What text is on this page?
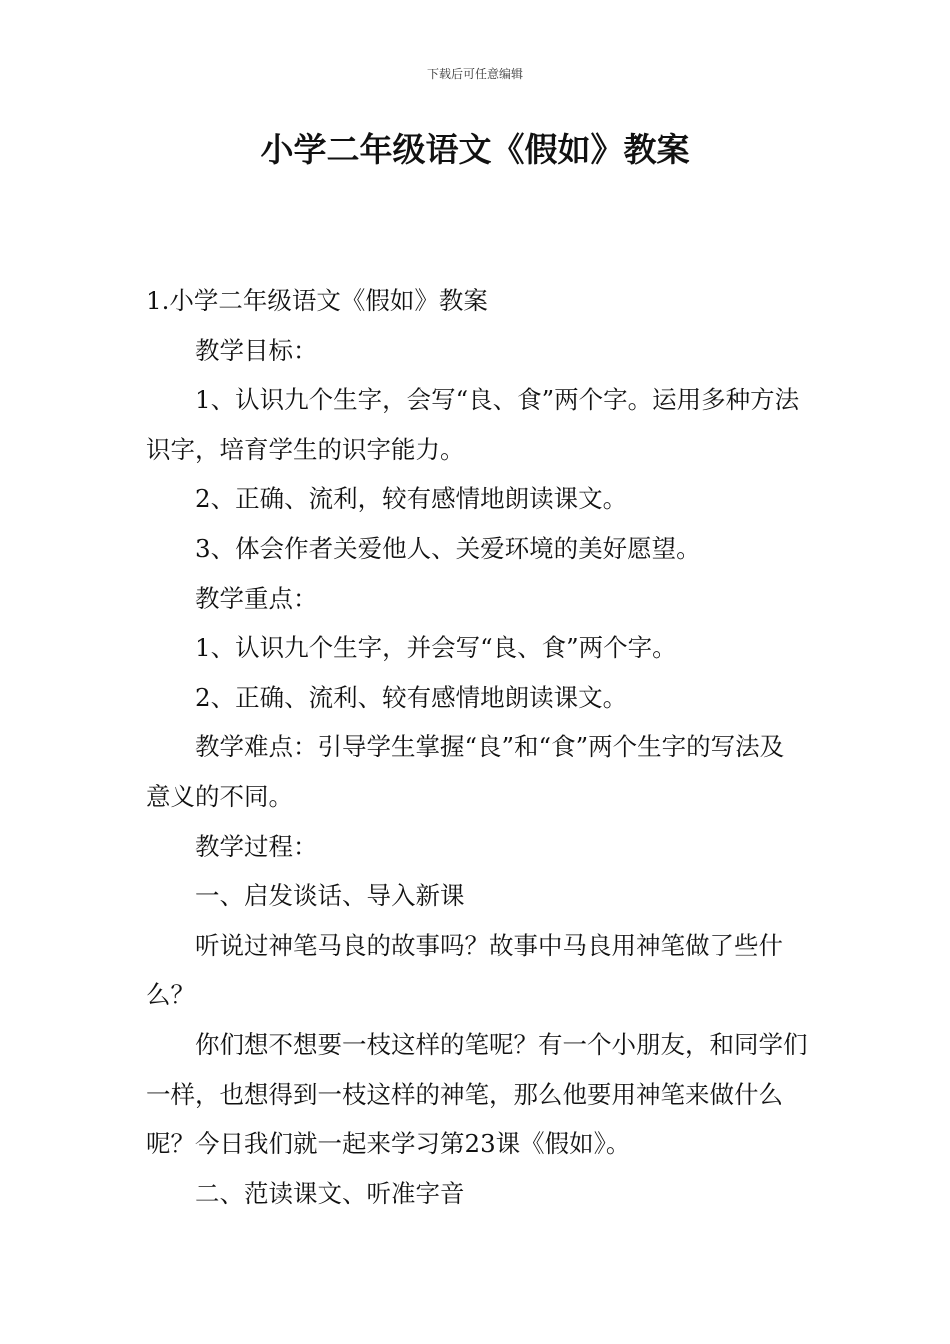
下载后可任意编辑
小学二年级语文《假如》教案

1.小学二年级语文《假如》教案

教学目标：

1、认识九个生字，会写“良、食”两个字。运用多种方法识字，培育学生的识字能力。

2、正确、流利，较有感情地朗读课文。

3、体会作者关爱他人、关爱环境的美好愿望。

教学重点：

1、认识九个生字，并会写“良、食”两个字。

2、正确、流利、较有感情地朗读课文。

教学难点：引导学生掌握“良”和“食”两个生字的写法及意义的不同。

教学过程：

一、启发谈话、导入新课

听说过神笔马良的故事吗？故事中马良用神笔做了些什么？

你们想不想要一枝这样的笔呢？有一个小朋友，和同学们一样，也想得到一枝这样的神笔，那么他要用神笔来做什么呢？今日我们就一起来学习第23课《假如》。

二、范读课文、听准字音
